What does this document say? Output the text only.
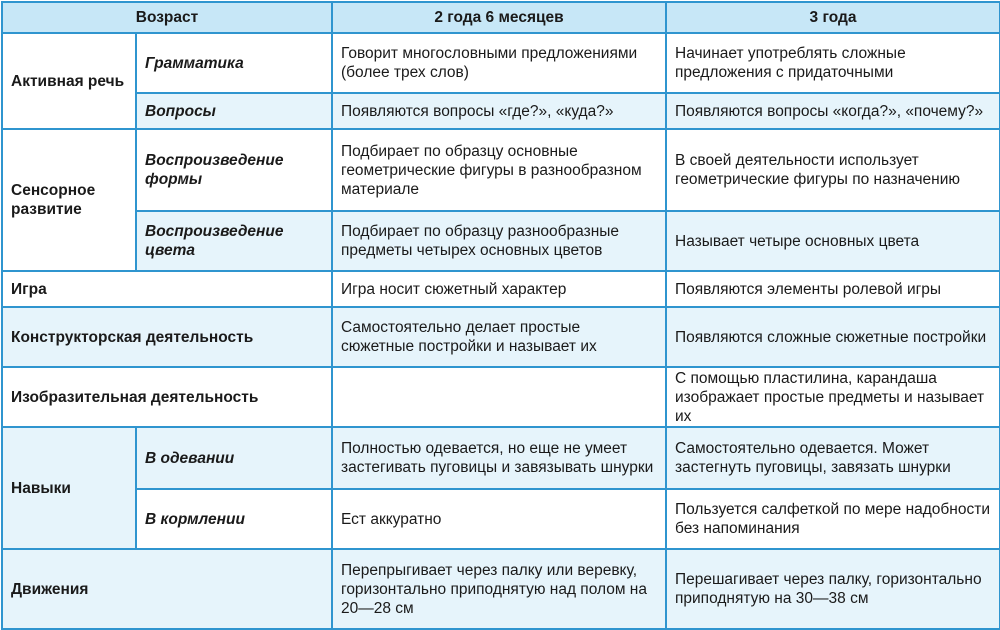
Возраст		2 года 6 месяцев	3 года
Активная речь	Грамматика	Говорит многословными предложениями (более трех слов)	Начинает употреблять сложные предложения с придаточными
	Вопросы	Появляются вопросы «где?», «куда?»	Появляются вопросы «когда?», «почему?»
Сенсорное развитие	Воспроизведение формы	Подбирает по образцу основные геометрические фигуры в разнообразном материале	В своей деятельности использует геометрические фигуры по назначению
	Воспроизведение цвета	Подбирает по образцу разнообразные предметы четырех основных цветов	Называет четыре основных цвета
Игра		Игра носит сюжетный характер	Появляются элементы ролевой игры
Конструкторская деятельность		Самостоятельно делает простые сюжетные постройки и называет их	Появляются сложные сюжетные постройки
Изобразительная деятельность			С помощью пластилина, карандаша изображает простые предметы и называет их
Навыки	В одевании	Полностью одевается, но еще не умеет застегивать пуговицы и завязывать шнурки	Самостоятельно одевается. Может застегнуть пуговицы, завязать шнурки
	В кормлении	Ест аккуратно	Пользуется салфеткой по мере надобности без напоминания
Движения		Перепрыгивает через палку или веревку, горизонтально приподнятую над полом на 20—28 см	Перешагивает через палку, горизонтально приподнятую на 30—38 см
